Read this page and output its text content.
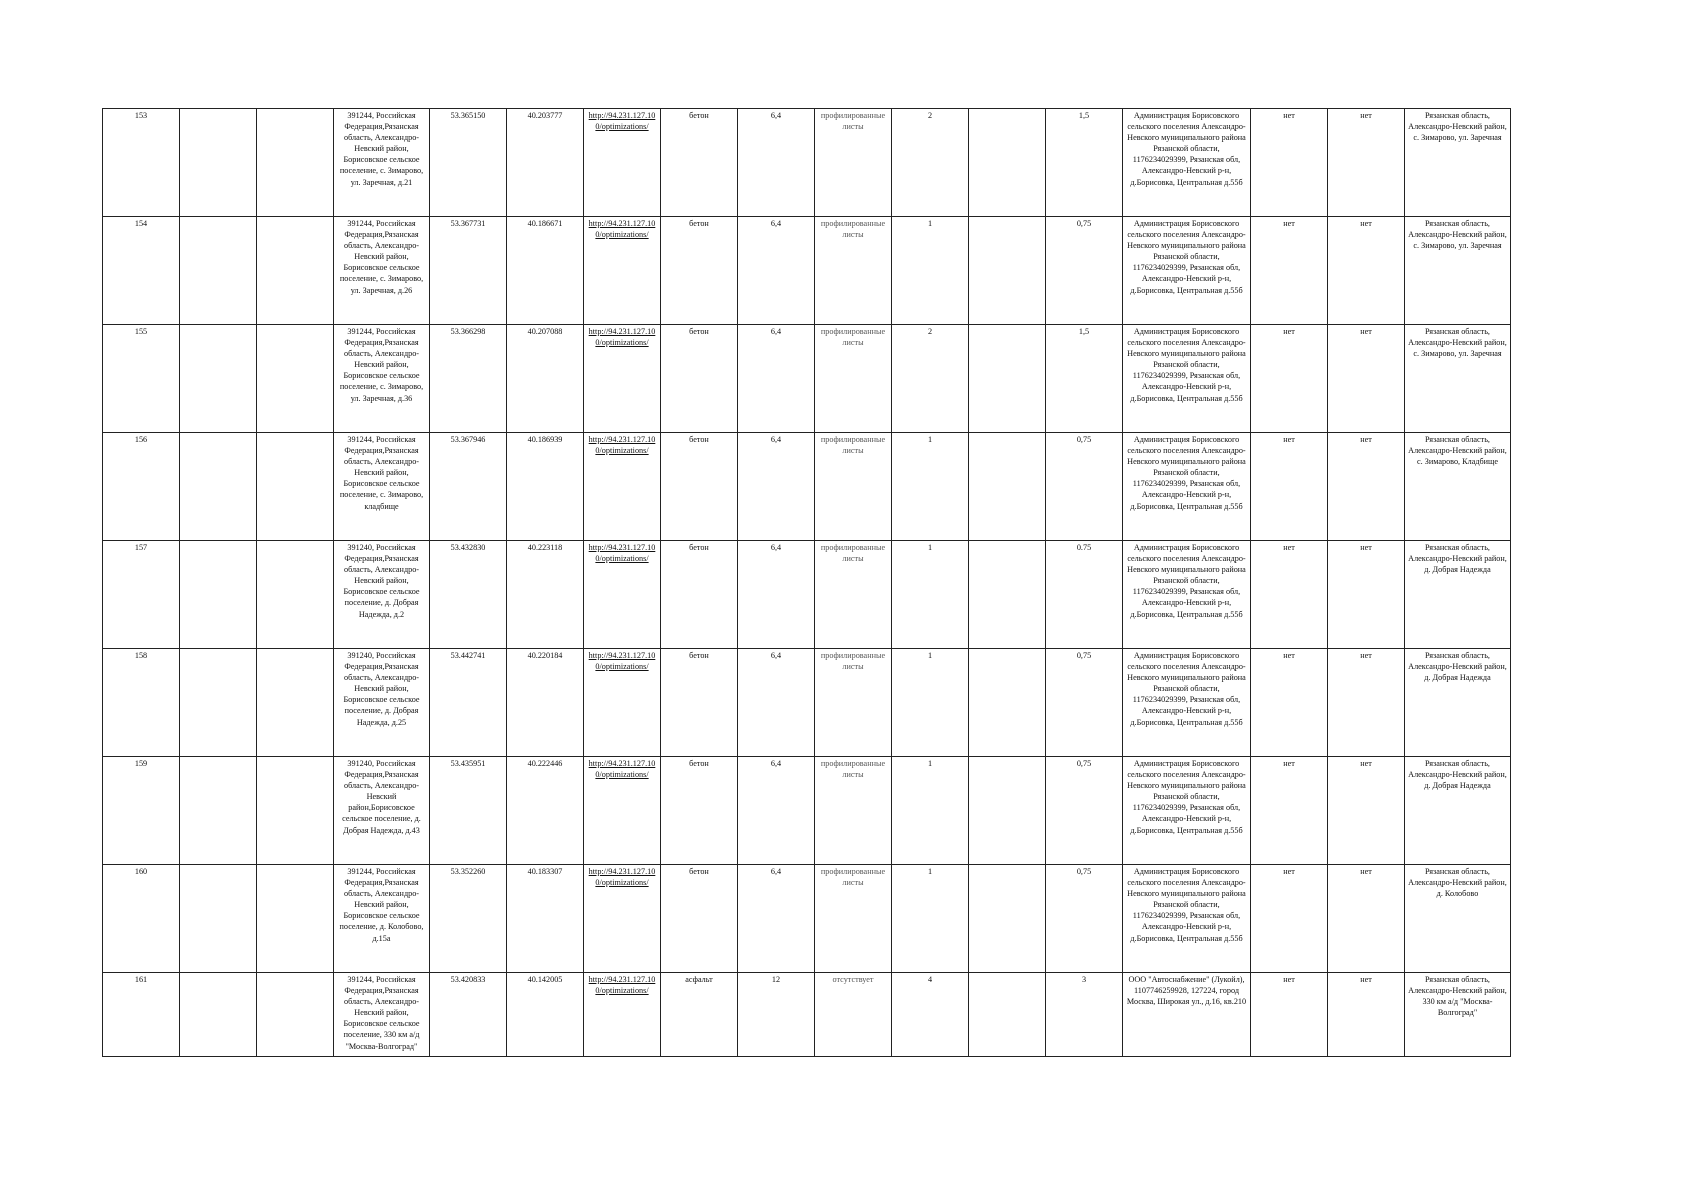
153			391244, Российская Федерация,Рязанская область, Александро-Невский район, Борисовское сельское поселение, с. Зимарово, ул. Заречная, д.21	53.365150	40.203777	http://94.231.127.10 0/optimizations/	бетон	6,4	профилированные листы	2		1,5	Администрация Борисовского сельского поселения Александро-Невского муниципального района Рязанской области, 1176234029399, Рязанская обл, Александро-Невский р-н, д.Борисовка, Центральная д.55б	нет	нет	Рязанская область, Александро-Невский район, с. Зимарово, ул. Заречная
154			391244, Российская Федерация,Рязанская область, Александро-Невский район, Борисовское сельское поселение, с. Зимарово, ул. Заречная, д.26	53.367731	40.186671	http://94.231.127.10 0/optimizations/	бетон	6,4	профилированные листы	1		0,75	Администрация Борисовского сельского поселения Александро-Невского муниципального района Рязанской области, 1176234029399, Рязанская обл, Александро-Невский р-н, д.Борисовка, Центральная д.55б	нет	нет	Рязанская область, Александро-Невский район, с. Зимарово, ул. Заречная
155			391244, Российская Федерация,Рязанская область, Александро-Невский район, Борисовское сельское поселение, с. Зимарово, ул. Заречная, д.36	53.366298	40.207088	http://94.231.127.10 0/optimizations/	бетон	6,4	профилированные листы	2		1,5	Администрация Борисовского сельского поселения Александро-Невского муниципального района Рязанской области, 1176234029399, Рязанская обл, Александро-Невский р-н, д.Борисовка, Центральная д.55б	нет	нет	Рязанская область, Александро-Невский район, с. Зимарово, ул. Заречная
156			391244, Российская Федерация,Рязанская область, Александро-Невский район, Борисовское сельское поселение, с. Зимарово, кладбище	53.367946	40.186939	http://94.231.127.10 0/optimizations/	бетон	6,4	профилированные листы	1		0,75	Администрация Борисовского сельского поселения Александро-Невского муниципального района Рязанской области, 1176234029399, Рязанская обл, Александро-Невский р-н, д.Борисовка, Центральная д.55б	нет	нет	Рязанская область, Александро-Невский район, с. Зимарово, Кладбище
157			391240, Российская Федерация,Рязанская область, Александро-Невский район, Борисовское сельское поселение, д. Добрая Надежда, д.2	53.432830	40.223118	http://94.231.127.10 0/optimizations/	бетон	6,4	профилированные листы	1		0.75	Администрация Борисовского сельского поселения Александро-Невского муниципального района Рязанской области, 1176234029399, Рязанская обл, Александро-Невский р-н, д.Борисовка, Центральная д.55б	нет	нет	Рязанская область, Александро-Невский район, д. Добрая Надежда
158			391240, Российская Федерация,Рязанская область, Александро-Невский район, Борисовское сельское поселение, д. Добрая Надежда, д.25	53.442741	40.220184	http://94.231.127.10 0/optimizations/	бетон	6,4	профилированные листы	1		0,75	Администрация Борисовского сельского поселения Александро-Невского муниципального района Рязанской области, 1176234029399, Рязанская обл, Александро-Невский р-н, д.Борисовка, Центральная д.55б	нет	нет	Рязанская область, Александро-Невский район, д. Добрая Надежда
159			391240, Российская Федерация,Рязанская область, Александро-Невский район,Борисовское сельское поселение, д. Добрая Надежда, д.43	53.435951	40.222446	http://94.231.127.10 0/optimizations/	бетон	6,4	профилированные листы	1		0,75	Администрация Борисовского сельского поселения Александро-Невского муниципального района Рязанской области, 1176234029399, Рязанская обл, Александро-Невский р-н, д.Борисовка, Центральная д.55б	нет	нет	Рязанская область, Александро-Невский район, д. Добрая Надежда
160			391244, Российская Федерация,Рязанская область, Александро-Невский район, Борисовское сельское поселение, д. Колобово, д.15а	53.352260	40.183307	http://94.231.127.10 0/optimizations/	бетон	6,4	профилированные листы	1		0,75	Администрация Борисовского сельского поселения Александро-Невского муниципального района Рязанской области, 1176234029399, Рязанская обл, Александро-Невский р-н, д.Борисовка, Центральная д.55б	нет	нет	Рязанская область, Александро-Невский район, д. Колобово
161			391244, Российская Федерация,Рязанская область, Александро-Невский район, Борисовское сельское поселение, 330 км а/д "Москва-Волгоград"	53.420833	40.142005	http://94.231.127.10 0/optimizations/	асфальт	12	отсутствует	4		3	ООО "Автоснабжение" (Лукойл), 1107746259928, 127224, город Москва, Широкая ул., д.16, кв.210	нет	нет	Рязанская область, Александро-Невский район, 330 км а/д "Москва-Волгоград"
